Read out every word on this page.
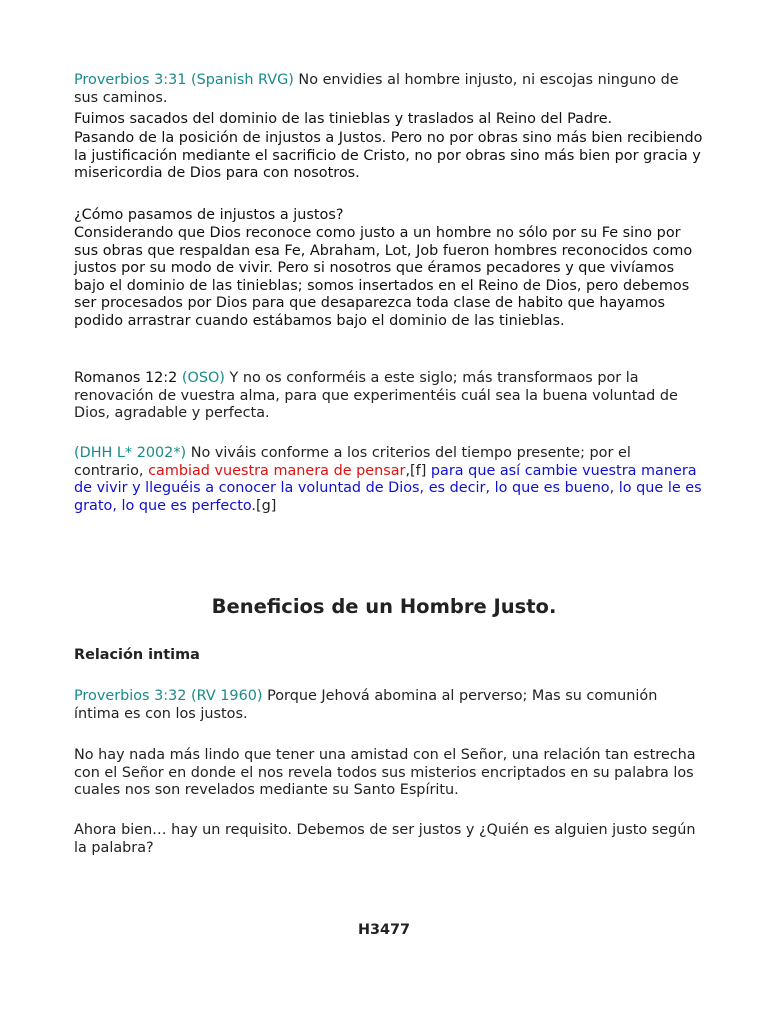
Proverbios 3:31 (Spanish RVG) No envidies al hombre injusto, ni escojas ninguno de sus caminos.

Fuimos sacados del dominio de las tinieblas y traslados al Reino del Padre.

Pasando de la posición de injustos a Justos. Pero no por obras sino más bien recibiendo la justificación mediante el sacrificio de Cristo, no por obras sino más bien por gracia y misericordia de Dios para con nosotros.

¿Cómo pasamos de injustos a justos?

Considerando que Dios reconoce como justo a un hombre no sólo por su Fe sino por sus obras que respaldan esa Fe, Abraham, Lot, Job fueron hombres reconocidos como justos por su modo de vivir. Pero si nosotros que éramos pecadores y que vivíamos bajo el dominio de las tinieblas; somos insertados en el Reino de Dios, pero debemos ser procesados por Dios para que desaparezca toda clase de habito que hayamos podido arrastrar cuando estábamos bajo el dominio de las tinieblas.

Romanos 12:2 (OSO) Y no os conforméis a este siglo; más transformaos por la renovación de vuestra alma, para que experimentéis cuál sea la buena voluntad de Dios, agradable y perfecta.

(DHH L* 2002*) No viváis conforme a los criterios del tiempo presente; por el contrario, cambiad vuestra manera de pensar,[f] para que así cambie vuestra manera de vivir y lleguéis a conocer la voluntad de Dios, es decir, lo que es bueno, lo que le es grato, lo que es perfecto.[g]

Beneficios de un Hombre Justo.

Relación intima

Proverbios 3:32 (RV 1960) Porque Jehová abomina al perverso; Mas su comunión íntima es con los justos.

No hay nada más lindo que tener una amistad con el Señor, una relación tan estrecha con el Señor en donde el nos revela todos sus misterios encriptados en su palabra los cuales nos son revelados mediante su Santo Espíritu.

Ahora bien… hay un requisito. Debemos de ser justos y ¿Quién es alguien justo según la palabra?

H3477
